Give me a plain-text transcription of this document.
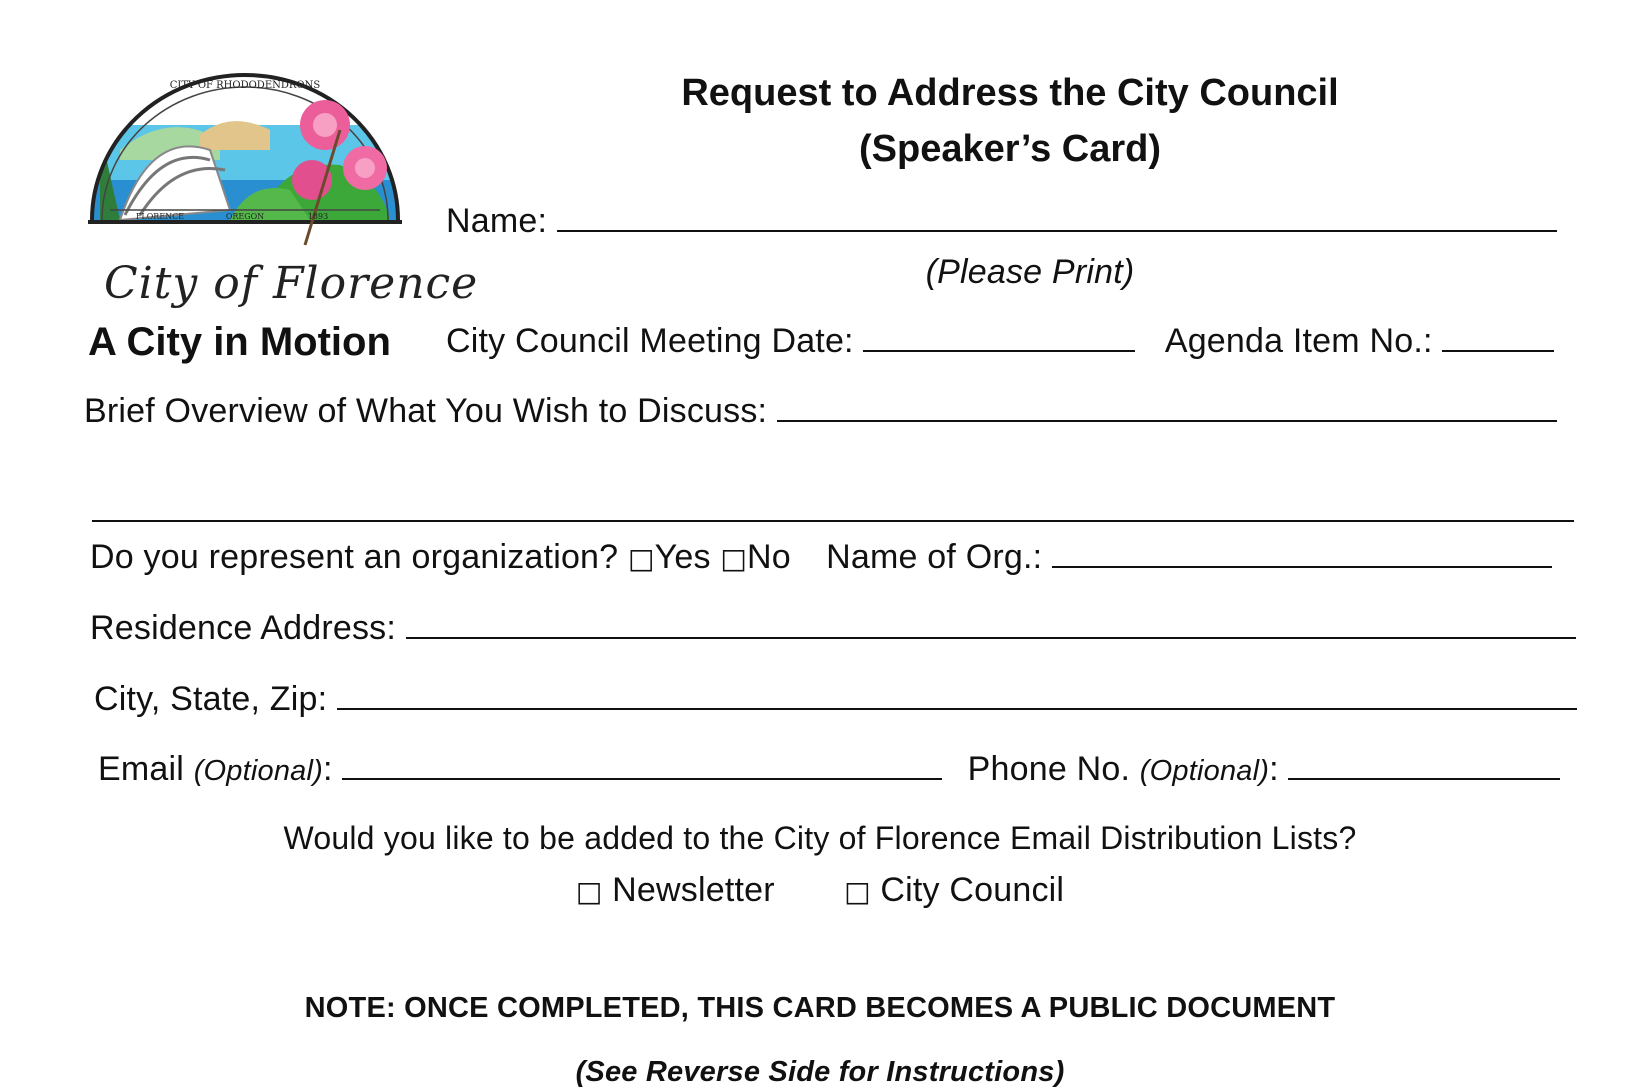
CITY OF RHODODENDRONS
FLORENCE	OREGON	1893
City of Florence
A City in Motion
Request to Address the City Council
(Speaker’s Card)
Name:
(Please Print)
City Council Meeting Date:	Agenda Item No.:
Brief Overview of What You Wish to Discuss:
Do you represent an organization? □Yes □No Name of Org.:
Residence Address:
City, State, Zip:
Email (Optional):	Phone No. (Optional):
Would you like to be added to the City of Florence Email Distribution Lists?
□ Newsletter □ City Council
NOTE: ONCE COMPLETED, THIS CARD BECOMES A PUBLIC DOCUMENT
(See Reverse Side for Instructions)
